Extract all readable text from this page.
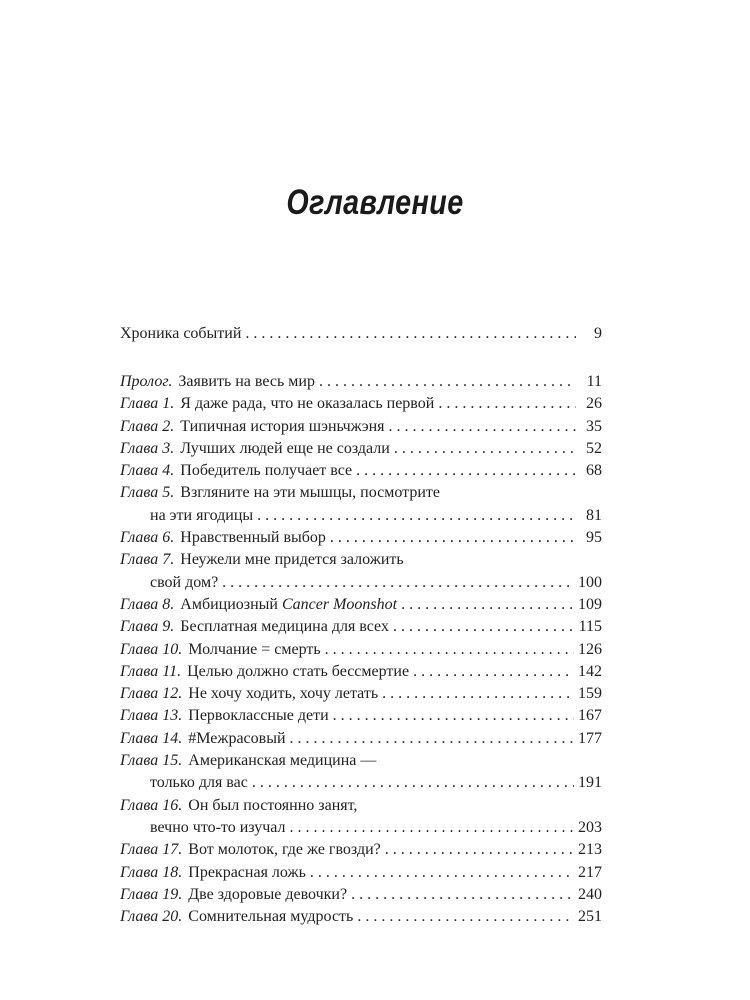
Оглавление
Хроника событий . . .	9
Пролог. Заявить на весь мир . . .	11
Глава 1. Я даже рада, что не оказалась первой . . .	26
Глава 2. Типичная история шэньчжэня . . .	35
Глава 3. Лучших людей еще не создали . . .	52
Глава 4. Победитель получает все . . .	68
Глава 5. Взгляните на эти мышцы, посмотрите
на эти ягодицы . . .	81
Глава 6. Нравственный выбор . . .	95
Глава 7. Неужели мне придется заложить
свой дом? . . .	100
Глава 8. Амбициозный Cancer Moonshot . . .	109
Глава 9. Бесплатная медицина для всех . . .	115
Глава 10. Молчание = смерть . . .	126
Глава 11. Целью должно стать бессмертие . . .	142
Глава 12. Не хочу ходить, хочу летать . . .	159
Глава 13. Первоклассные дети . . .	167
Глава 14. #Межрасовый . . .	177
Глава 15. Американская медицина —
только для вас . . .	191
Глава 16. Он был постоянно занят,
вечно что-то изучал . . .	203
Глава 17. Вот молоток, где же гвозди? . . .	213
Глава 18. Прекрасная ложь . . .	217
Глава 19. Две здоровые девочки? . . .	240
Глава 20. Сомнительная мудрость . . .	251
